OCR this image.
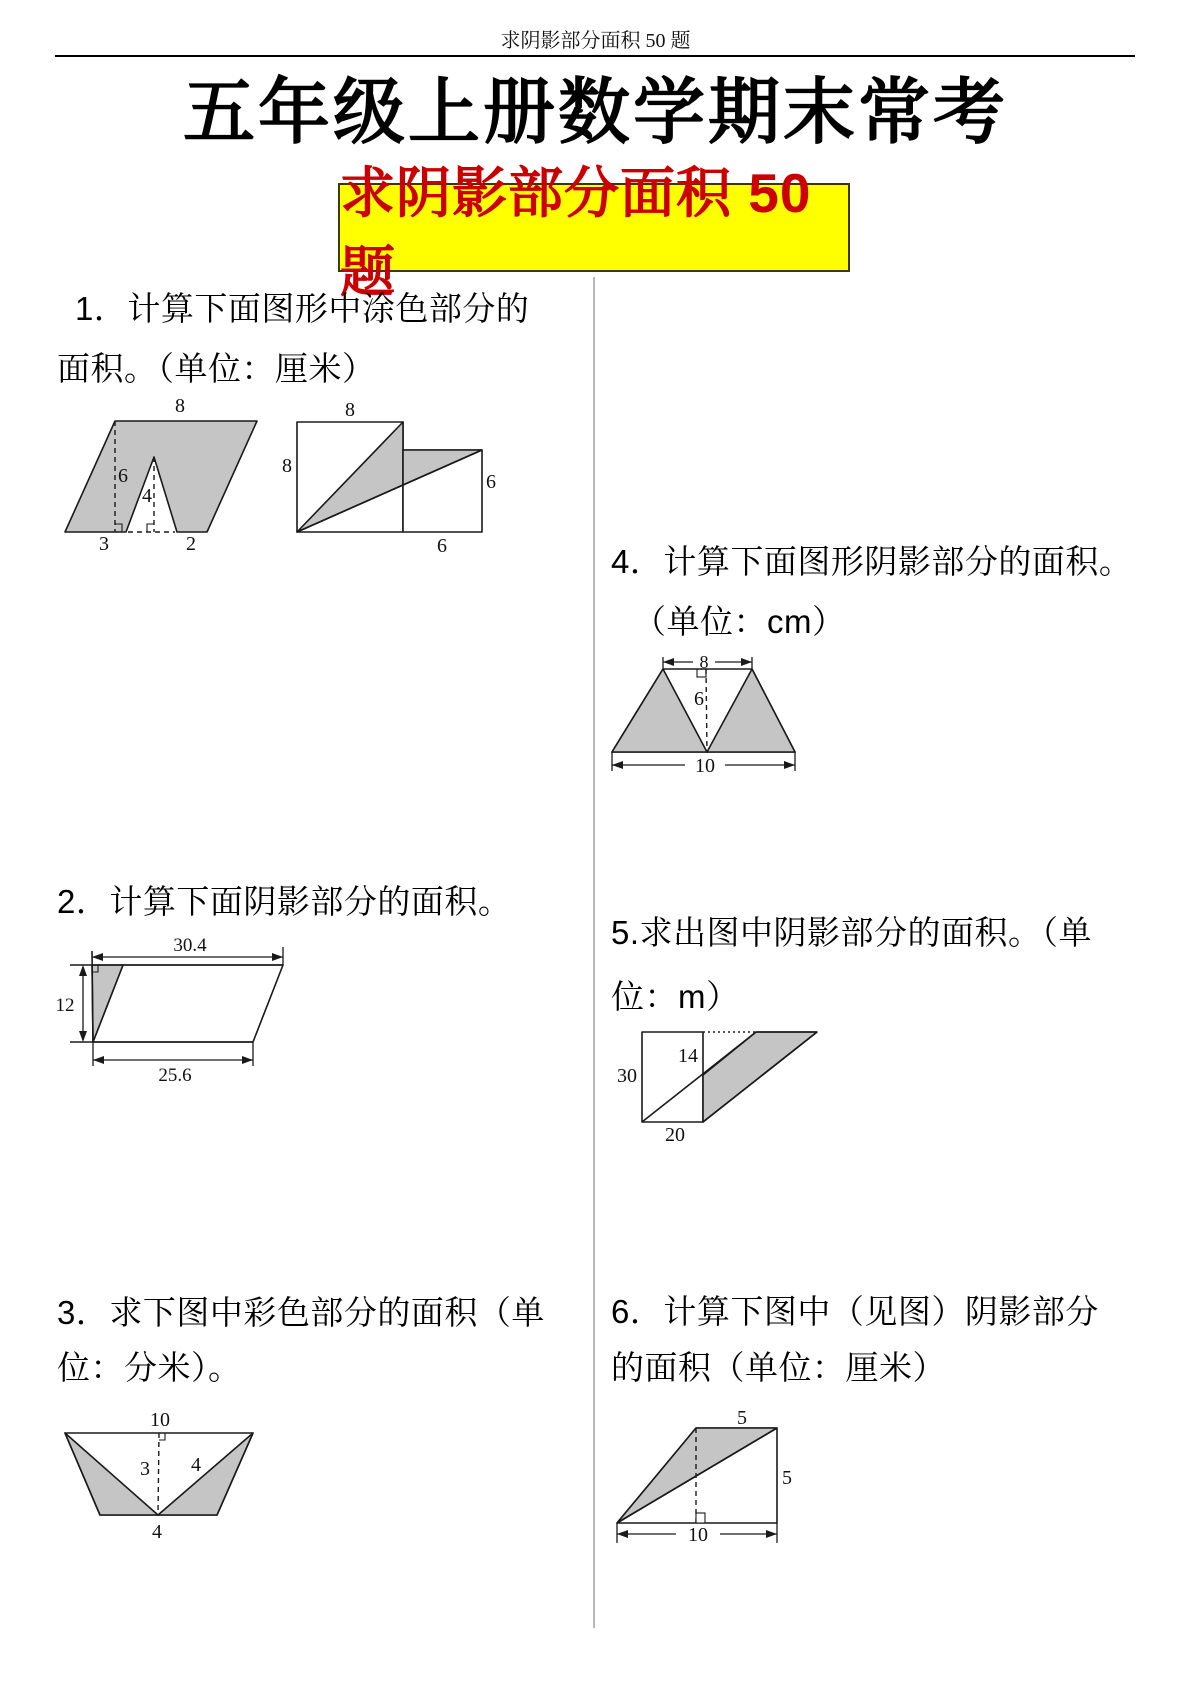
求阴影部分面积 50 题
五年级上册数学期末常考
求阴影部分面积 50 题
1．计算下面图形中涂色部分的
面积。（单位：厘米）
8
6
4
3	2
8
8
6
6
2．计算下面阴影部分的面积。
30.4
12
25.6
3．求下图中彩色部分的面积（单
位：分米）。
10
3 4
4
4．计算下面图形阴影部分的面积。
（单位：cm）
8
6
10
5.求出图中阴影部分的面积。（单
位：m）
30
14
20
6．计算下图中（见图）阴影部分
的面积（单位：厘米）
10
5
5
